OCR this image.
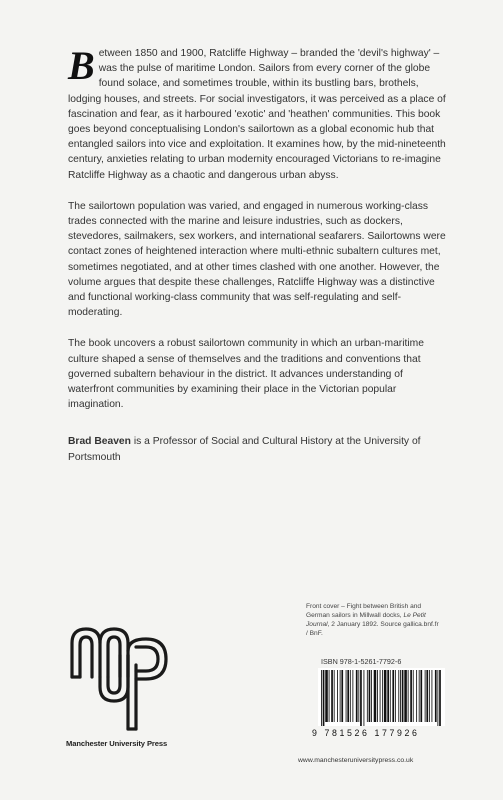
Between 1850 and 1900, Ratcliffe Highway – branded the 'devil's highway' – was the pulse of maritime London. Sailors from every corner of the globe found solace, and sometimes trouble, within its bustling bars, brothels, lodging houses, and streets. For social investigators, it was perceived as a place of fascination and fear, as it harboured 'exotic' and 'heathen' communities. This book goes beyond conceptualising London's sailortown as a global economic hub that entangled sailors into vice and exploitation. It examines how, by the mid-nineteenth century, anxieties relating to urban modernity encouraged Victorians to re-imagine Ratcliffe Highway as a chaotic and dangerous urban abyss.

The sailortown population was varied, and engaged in numerous working-class trades connected with the marine and leisure industries, such as dockers, stevedores, sailmakers, sex workers, and international seafarers. Sailortowns were contact zones of heightened interaction where multi-ethnic subaltern cultures met, sometimes negotiated, and at other times clashed with one another. However, the volume argues that despite these challenges, Ratcliffe Highway was a distinctive and functional working-class community that was self-regulating and self-moderating.

The book uncovers a robust sailortown community in which an urban-maritime culture shaped a sense of themselves and the traditions and conventions that governed subaltern behaviour in the district. It advances understanding of waterfront communities by examining their place in the Victorian popular imagination.

Brad Beaven is a Professor of Social and Cultural History at the University of Portsmouth

Front cover – Fight between British and German sailors in Millwall docks, Le Petit Journal, 2 January 1892. Source gallica.bnf.fr / BnF.
Manchester University Press
ISBN 978-1-5261-7792-6
9 781526 177926
www.manchesteruniversitypress.co.uk
